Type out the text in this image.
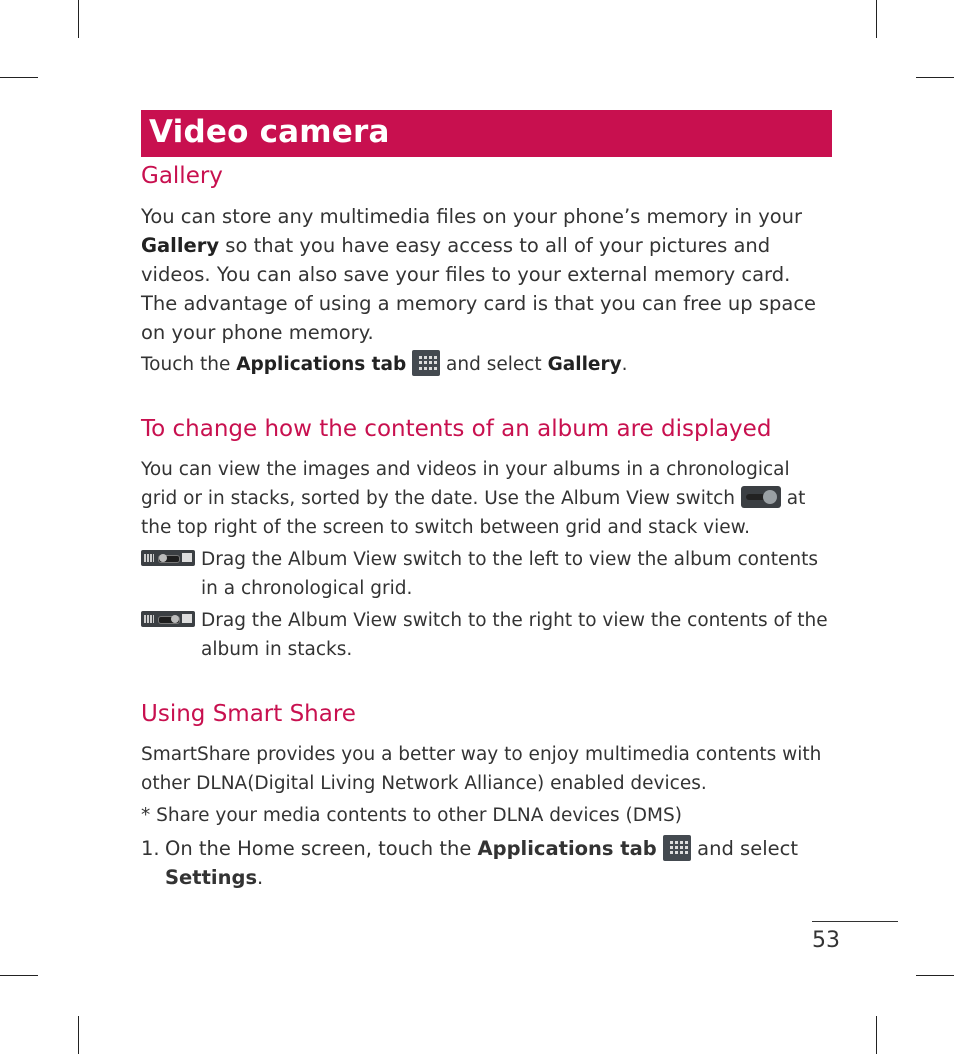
Video camera
Gallery
You can store any multimedia files on your phone’s memory in your Gallery so that you have easy access to all of your pictures and videos. You can also save your files to your external memory card. The advantage of using a memory card is that you can free up space on your phone memory.
Touch the Applications tab
and select Gallery.
To change how the contents of an album are displayed
You can view the images and videos in your albums in a chronological grid or in stacks, sorted by the date. Use the Album View switch
at the top right of the screen to switch between grid and stack view.
Drag the Album View switch to the left to view the album contents in a chronological grid.
Drag the Album View switch to the right to view the contents of the album in stacks.
Using Smart Share
SmartShare provides you a better way to enjoy multimedia contents with other DLNA(Digital Living Network Alliance) enabled devices.
* Share your media contents to other DLNA devices (DMS)
1. On the Home screen, touch the Applications tab
and select
Settings.
53
